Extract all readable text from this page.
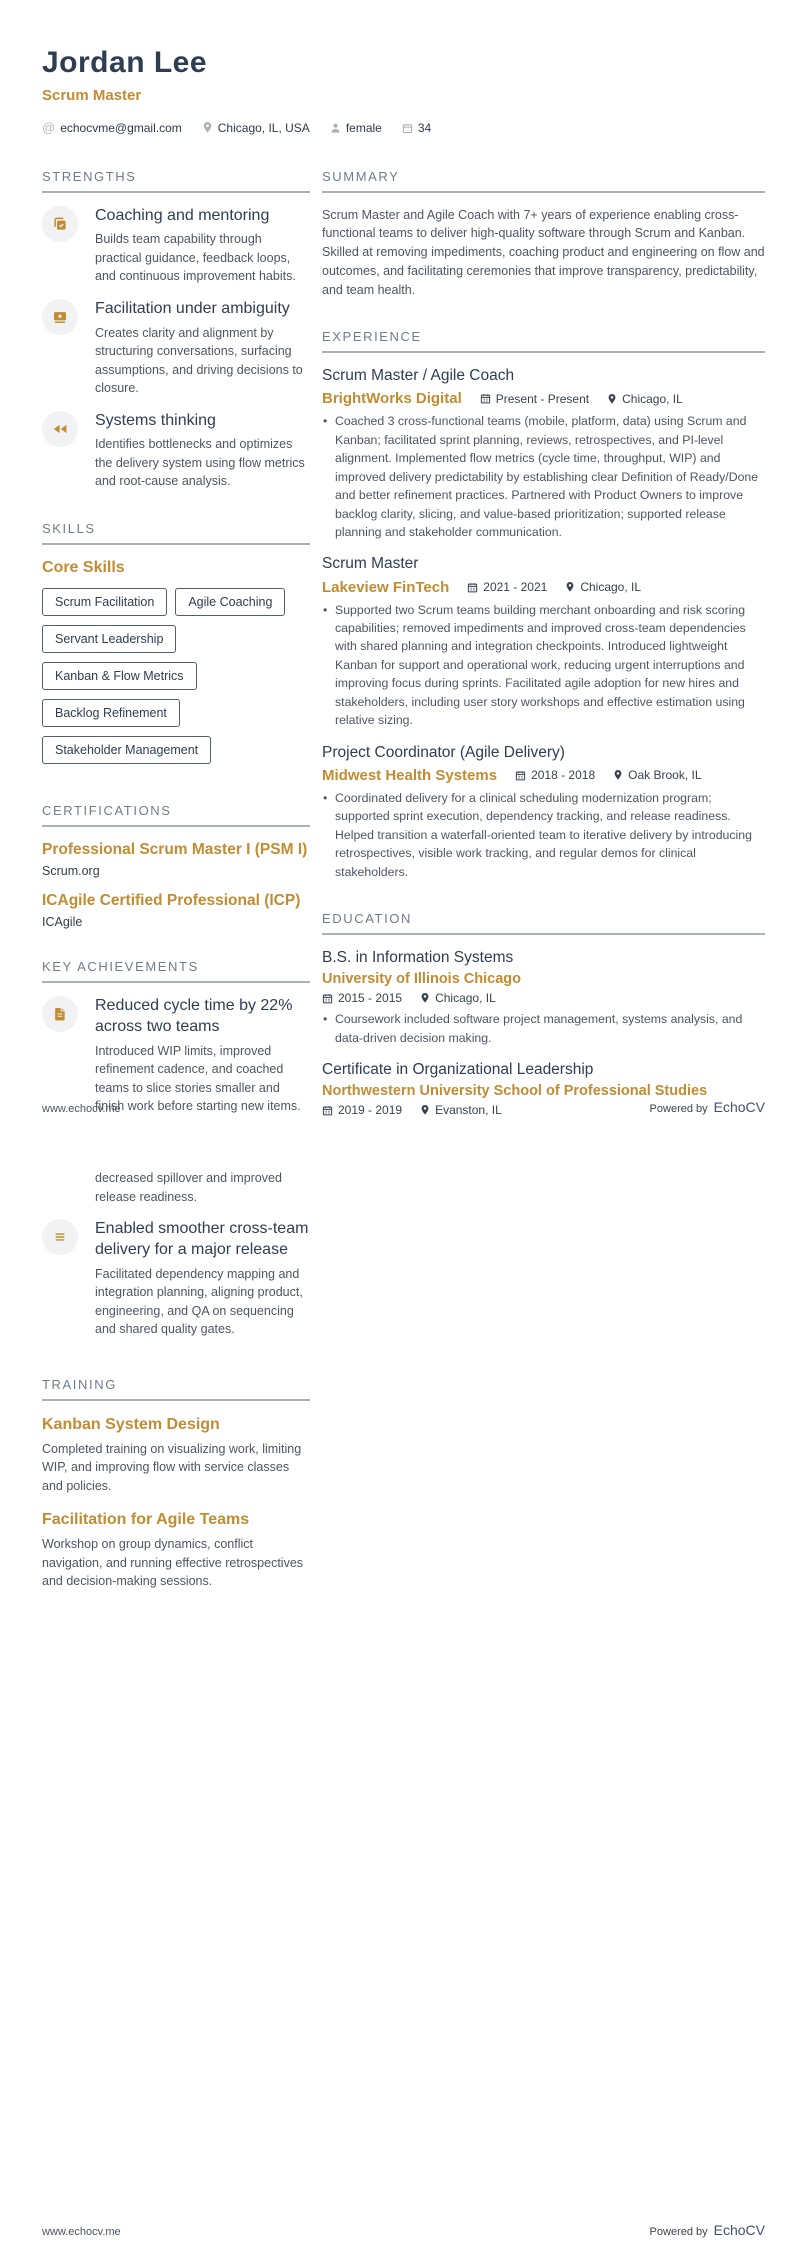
Jordan Lee
Scrum Master
@ echocvme@gmail.com	Chicago, IL, USA	female	34
STRENGTHS
Coaching and mentoring
Builds team capability through practical guidance, feedback loops, and continuous improvement habits.
Facilitation under ambiguity
Creates clarity and alignment by structuring conversations, surfacing assumptions, and driving decisions to closure.
Systems thinking
Identifies bottlenecks and optimizes the delivery system using flow metrics and root-cause analysis.
SKILLS
Core Skills
Scrum Facilitation	Agile CoachingServant LeadershipKanban & Flow MetricsBacklog RefinementStakeholder Management
CERTIFICATIONS
Professional Scrum Master I (PSM I)
Scrum.org
ICAgile Certified Professional (ICP)
ICAgile
KEY ACHIEVEMENTS
Reduced cycle time by 22% across two teams
Introduced WIP limits, improved refinement cadence, and coached teams to slice stories smaller and finish work before starting new items.
SUMMARY
Scrum Master and Agile Coach with 7+ years of experience enabling cross-functional teams to deliver high-quality software through Scrum and Kanban. Skilled at removing impediments, coaching product and engineering on flow and outcomes, and facilitating ceremonies that improve transparency, predictability, and team health.
EXPERIENCE
Scrum Master / Agile Coach
BrightWorks Digital	Present - Present	Chicago, IL
• Coached 3 cross-functional teams (mobile, platform, data) using Scrum and Kanban; facilitated sprint planning, reviews, retrospectives, and PI-level alignment. Implemented flow metrics (cycle time, throughput, WIP) and improved delivery predictability by establishing clear Definition of Ready/Done and better refinement practices. Partnered with Product Owners to improve backlog clarity, slicing, and value-based prioritization; supported release planning and stakeholder communication.
Scrum Master
Lakeview FinTech	2021 - 2021	Chicago, IL
• Supported two Scrum teams building merchant onboarding and risk scoring capabilities; removed impediments and improved cross-team dependencies with shared planning and integration checkpoints. Introduced lightweight Kanban for support and operational work, reducing urgent interruptions and improving focus during sprints. Facilitated agile adoption for new hires and stakeholders, including user story workshops and effective estimation using relative sizing.
Project Coordinator (Agile Delivery)
Midwest Health Systems	2018 - 2018	Oak Brook, IL
• Coordinated delivery for a clinical scheduling modernization program; supported sprint execution, dependency tracking, and release readiness. Helped transition a waterfall-oriented team to iterative delivery by introducing retrospectives, visible work tracking, and regular demos for clinical stakeholders.
EDUCATION
B.S. in Information Systems
University of Illinois Chicago
2015 - 2015	Chicago, IL
• Coursework included software project management, systems analysis, and data-driven decision making.
Certificate in Organizational Leadership
Northwestern University School of Professional Studies
2019 - 2019	Evanston, IL
•
www.echocv.me	Powered by EchoCV
decreased spillover and improved release readiness.
Enabled smoother cross-team delivery for a major release
Facilitated dependency mapping and integration planning, aligning product, engineering, and QA on sequencing and shared quality gates.
TRAINING
Kanban System Design
Completed training on visualizing work, limiting WIP, and improving flow with service classes and policies.
Facilitation for Agile Teams
Workshop on group dynamics, conflict navigation, and running effective retrospectives and decision-making sessions.
www.echocv.me	Powered by EchoCV
